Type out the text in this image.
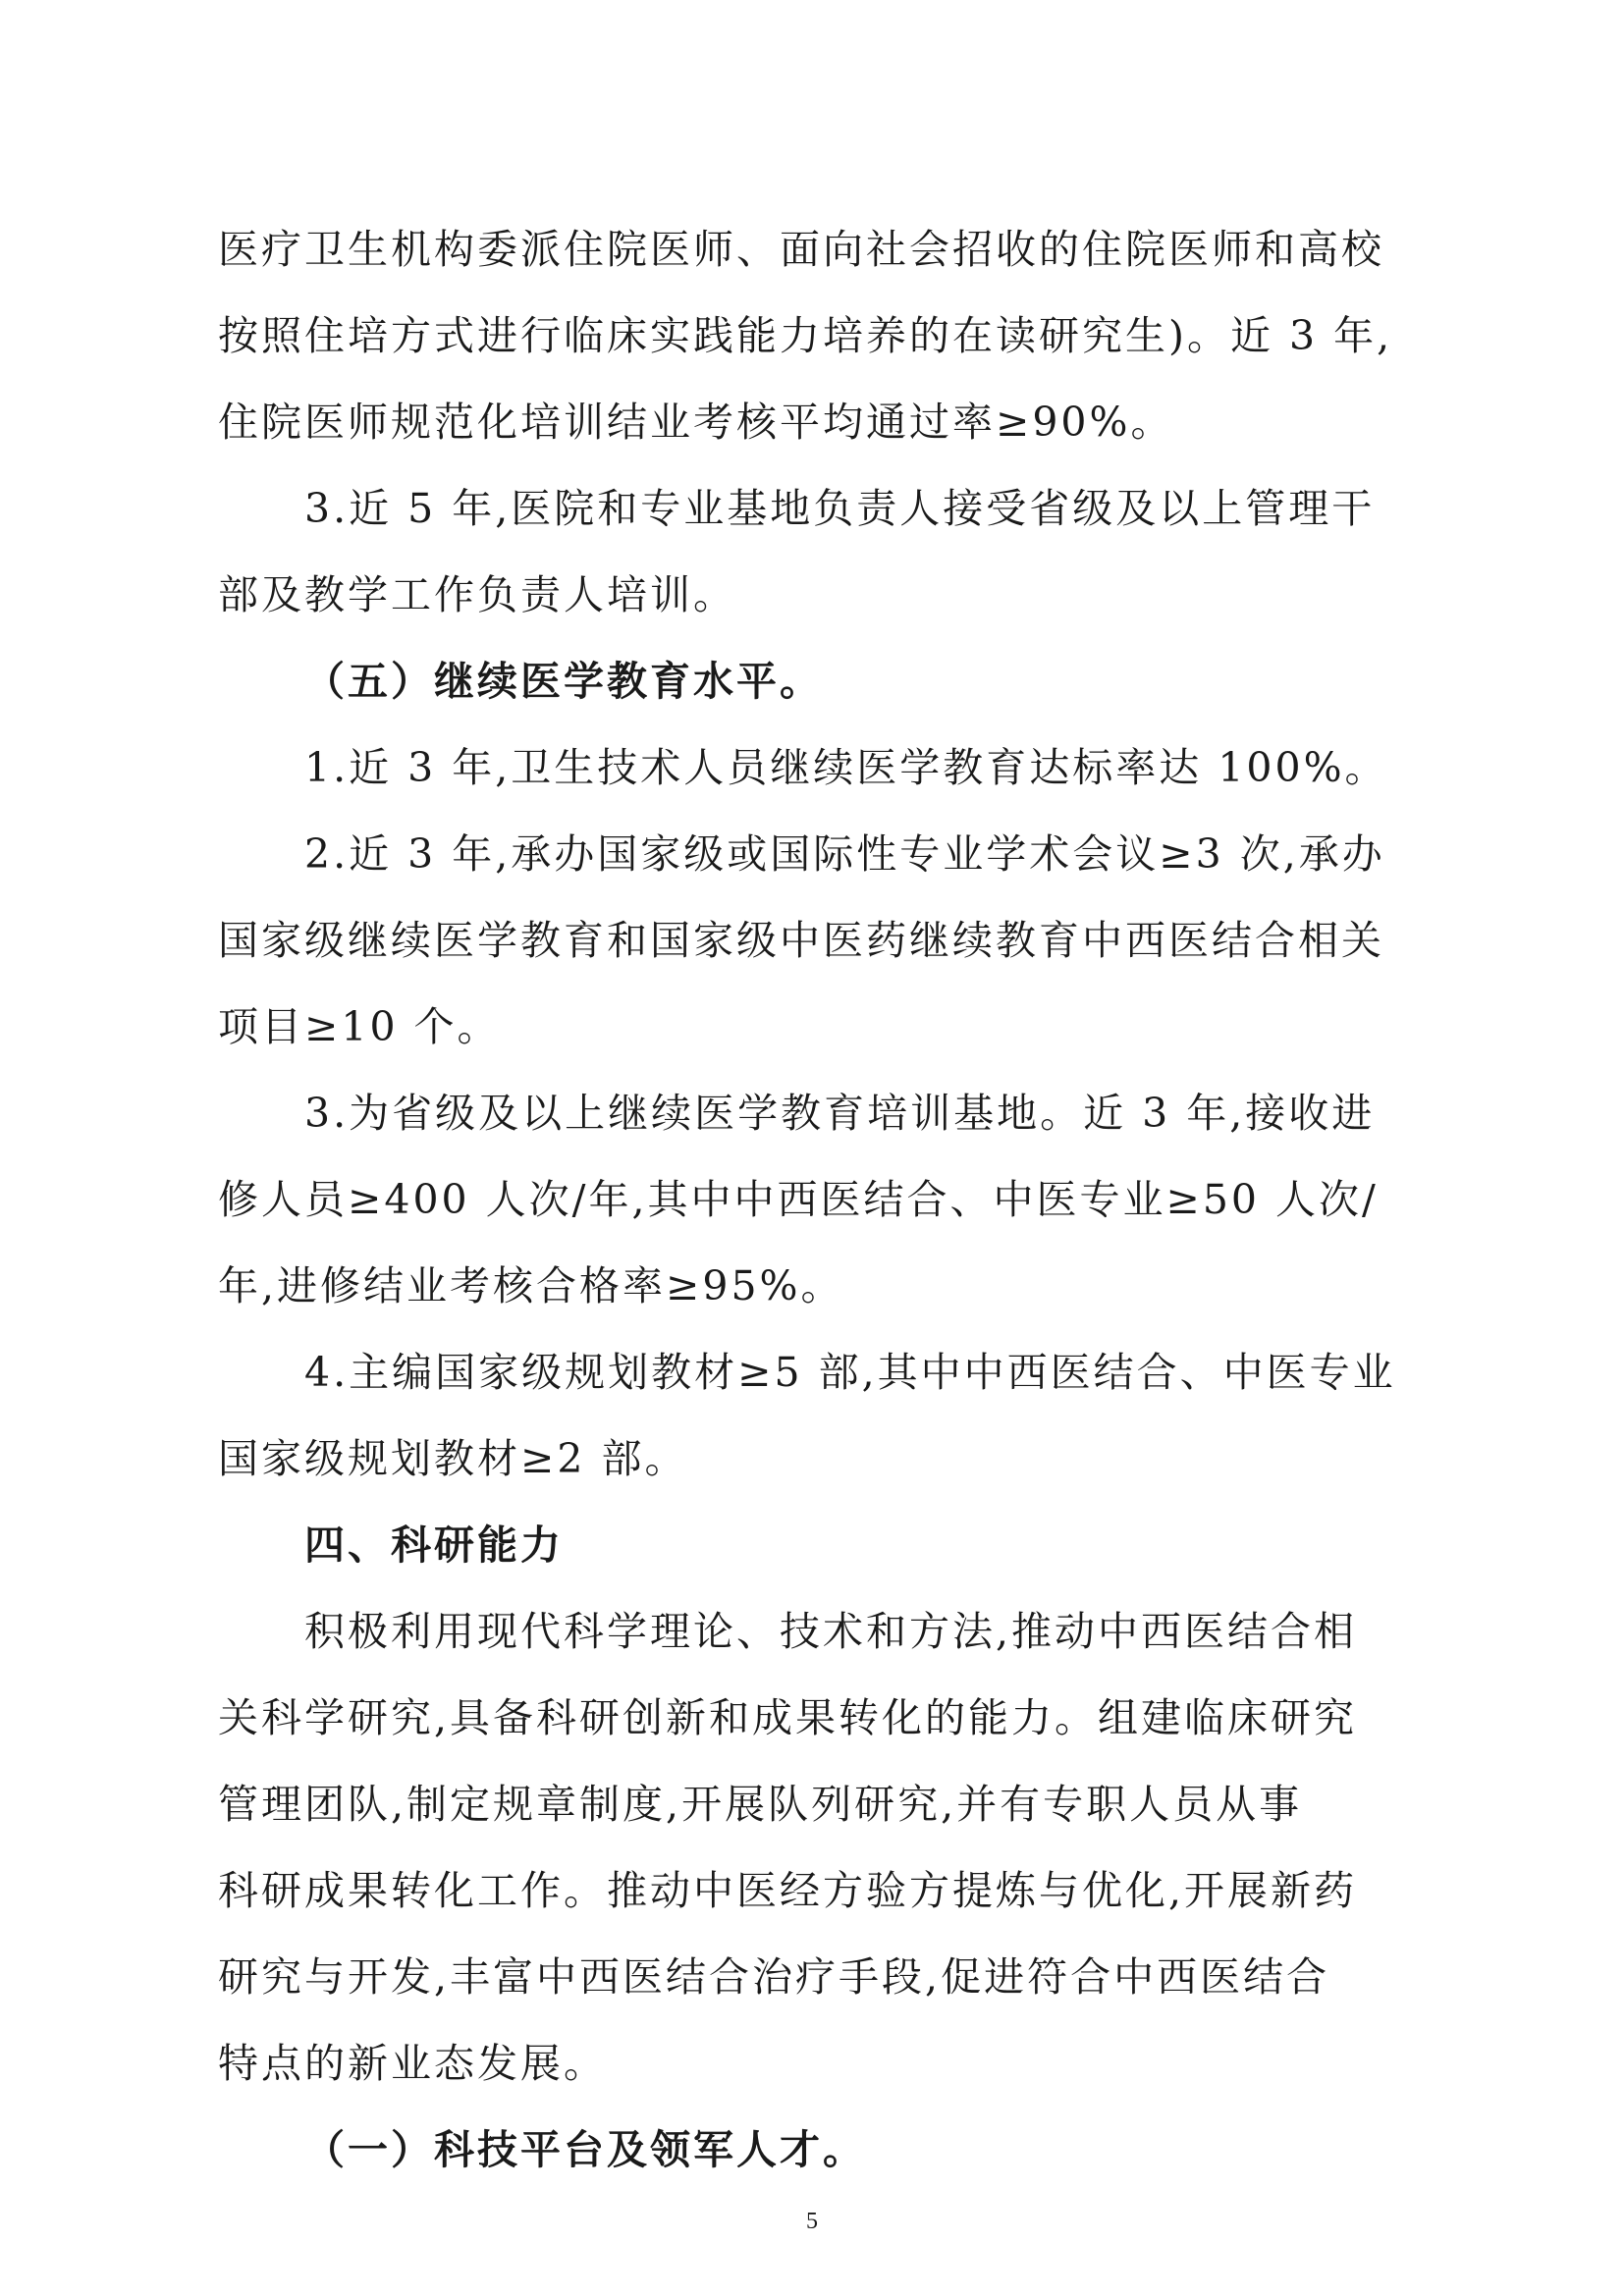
医疗卫生机构委派住院医师、面向社会招收的住院医师和高校
按照住培方式进行临床实践能力培养的在读研究生)。近 3 年,
住院医师规范化培训结业考核平均通过率≥90%。
3.近 5 年,医院和专业基地负责人接受省级及以上管理干
部及教学工作负责人培训。
（五）继续医学教育水平。
1.近 3 年,卫生技术人员继续医学教育达标率达 100%。
2.近 3 年,承办国家级或国际性专业学术会议≥3 次,承办
国家级继续医学教育和国家级中医药继续教育中西医结合相关
项目≥10 个。
3.为省级及以上继续医学教育培训基地。近 3 年,接收进
修人员≥400 人次/年,其中中西医结合、中医专业≥50 人次/
年,进修结业考核合格率≥95%。
4.主编国家级规划教材≥5 部,其中中西医结合、中医专业
国家级规划教材≥2 部。
四、科研能力
积极利用现代科学理论、技术和方法,推动中西医结合相
关科学研究,具备科研创新和成果转化的能力。组建临床研究
管理团队,制定规章制度,开展队列研究,并有专职人员从事
科研成果转化工作。推动中医经方验方提炼与优化,开展新药
研究与开发,丰富中西医结合治疗手段,促进符合中西医结合
特点的新业态发展。
（一）科技平台及领军人才。
5
